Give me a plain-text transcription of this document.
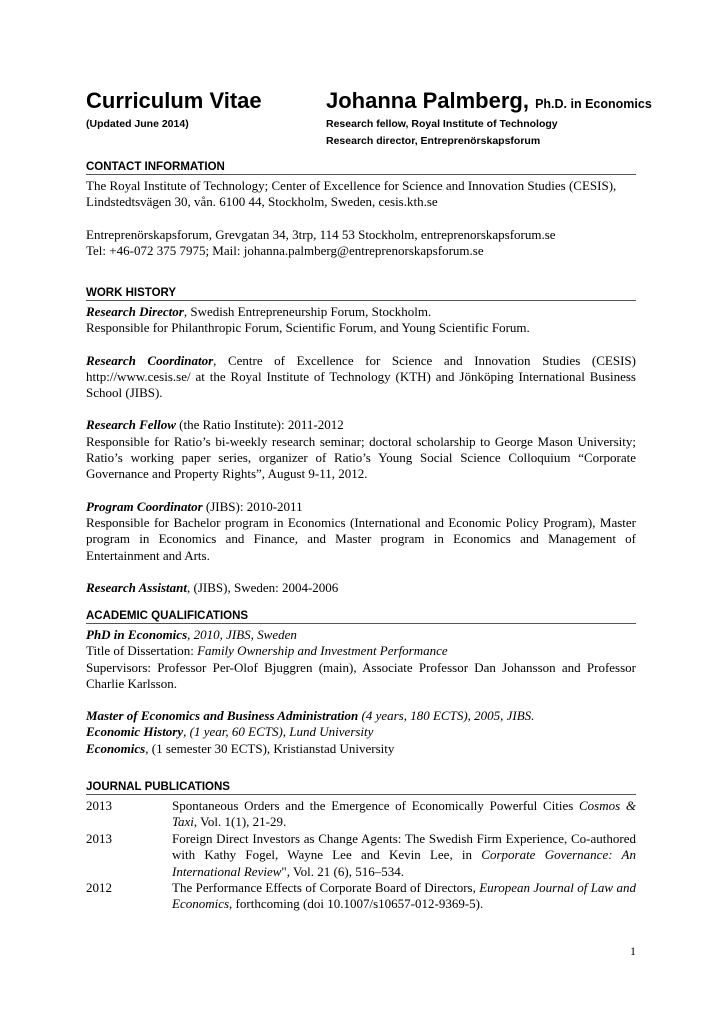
Curriculum Vitae
(Updated June 2014)
Johanna Palmberg, Ph.D. in Economics
Research fellow, Royal Institute of Technology
Research director, Entreprenörskapsforum
CONTACT INFORMATION

The Royal Institute of Technology; Center of Excellence for Science and Innovation Studies (CESIS), Lindstedtsvägen 30, vån. 6100 44, Stockholm, Sweden, cesis.kth.se

Entreprenörskapsforum, Grevgatan 34, 3trp, 114 53 Stockholm, entreprenorskapsforum.se

Tel: +46-072 375 7975; Mail: johanna.palmberg@entreprenorskapsforum.se

WORK HISTORY

Research Director, Swedish Entrepreneurship Forum, Stockholm.

Responsible for Philanthropic Forum, Scientific Forum, and Young Scientific Forum.

Research Coordinator, Centre of Excellence for Science and Innovation Studies (CESIS) http://www.cesis.se/ at the Royal Institute of Technology (KTH) and Jönköping International Business School (JIBS).

Research Fellow (the Ratio Institute): 2011-2012

Responsible for Ratio’s bi-weekly research seminar; doctoral scholarship to George Mason University; Ratio’s working paper series, organizer of Ratio’s Young Social Science Colloquium “Corporate Governance and Property Rights”, August 9-11, 2012.

Program Coordinator (JIBS): 2010-2011

Responsible for Bachelor program in Economics (International and Economic Policy Program), Master program in Economics and Finance, and Master program in Economics and Management of Entertainment and Arts.

Research Assistant, (JIBS), Sweden: 2004-2006

ACADEMIC QUALIFICATIONS

PhD in Economics, 2010, JIBS, Sweden

Title of Dissertation: Family Ownership and Investment Performance

Supervisors: Professor Per-Olof Bjuggren (main), Associate Professor Dan Johansson and Professor Charlie Karlsson.

Master of Economics and Business Administration (4 years, 180 ECTS), 2005, JIBS.

Economic History, (1 year, 60 ECTS), Lund University

Economics, (1 semester 30 ECTS), Kristianstad University

JOURNAL PUBLICATIONS
2013	Spontaneous Orders and the Emergence of Economically Powerful Cities Cosmos & Taxi, Vol. 1(1), 21-29.
2013	Foreign Direct Investors as Change Agents: The Swedish Firm Experience, Co-authored with Kathy Fogel, Wayne Lee and Kevin Lee, in Corporate Governance: An International Review", Vol. 21 (6), 516–534.
2012	The Performance Effects of Corporate Board of Directors, European Journal of Law and Economics, forthcoming (doi 10.1007/s10657-012-9369-5).
1
